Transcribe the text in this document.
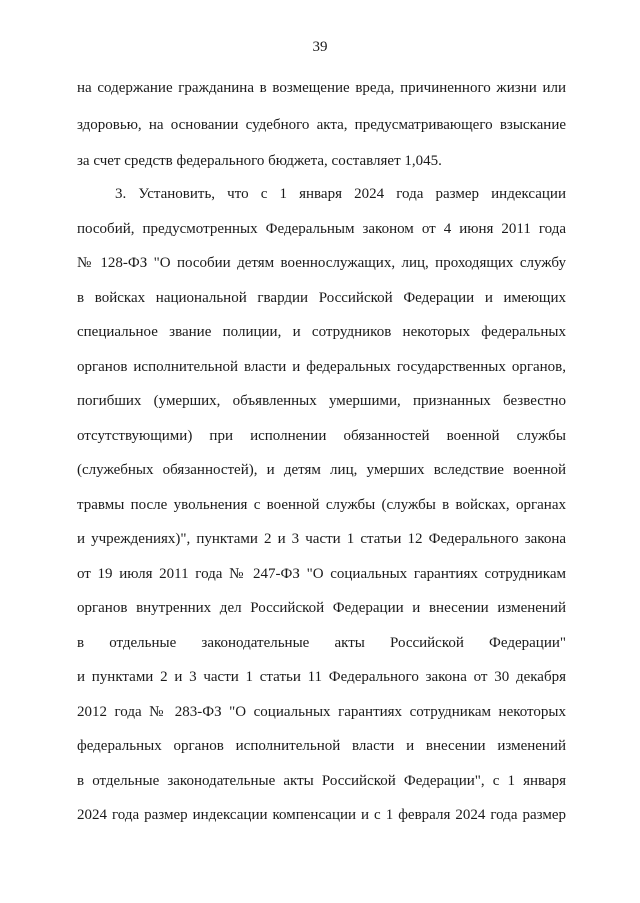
39
на содержание гражданина в возмещение вреда, причиненного жизни или
здоровью, на основании судебного акта, предусматривающего взыскание
за счет средств федерального бюджета, составляет 1,045.
3. Установить, что с 1 января 2024 года размер индексации
пособий, предусмотренных Федеральным законом от 4 июня 2011 года
№ 128-ФЗ "О пособии детям военнослужащих, лиц, проходящих службу
в войсках национальной гвардии Российской Федерации и имеющих
специальное звание полиции, и сотрудников некоторых федеральных
органов исполнительной власти и федеральных государственных органов,
погибших (умерших, объявленных умершими, признанных безвестно
отсутствующими) при исполнении обязанностей военной службы
(служебных обязанностей), и детям лиц, умерших вследствие военной
травмы после увольнения с военной службы (службы в войсках, органах
и учреждениях)", пунктами 2 и 3 части 1 статьи 12 Федерального закона
от 19 июля 2011 года № 247-ФЗ "О социальных гарантиях сотрудникам
органов внутренних дел Российской Федерации и внесении изменений
в отдельные законодательные акты Российской Федерации"
и пунктами 2 и 3 части 1 статьи 11 Федерального закона от 30 декабря
2012 года № 283-ФЗ "О социальных гарантиях сотрудникам некоторых
федеральных органов исполнительной власти и внесении изменений
в отдельные законодательные акты Российской Федерации", с 1 января
2024 года размер индексации компенсации и с 1 февраля 2024 года размер
